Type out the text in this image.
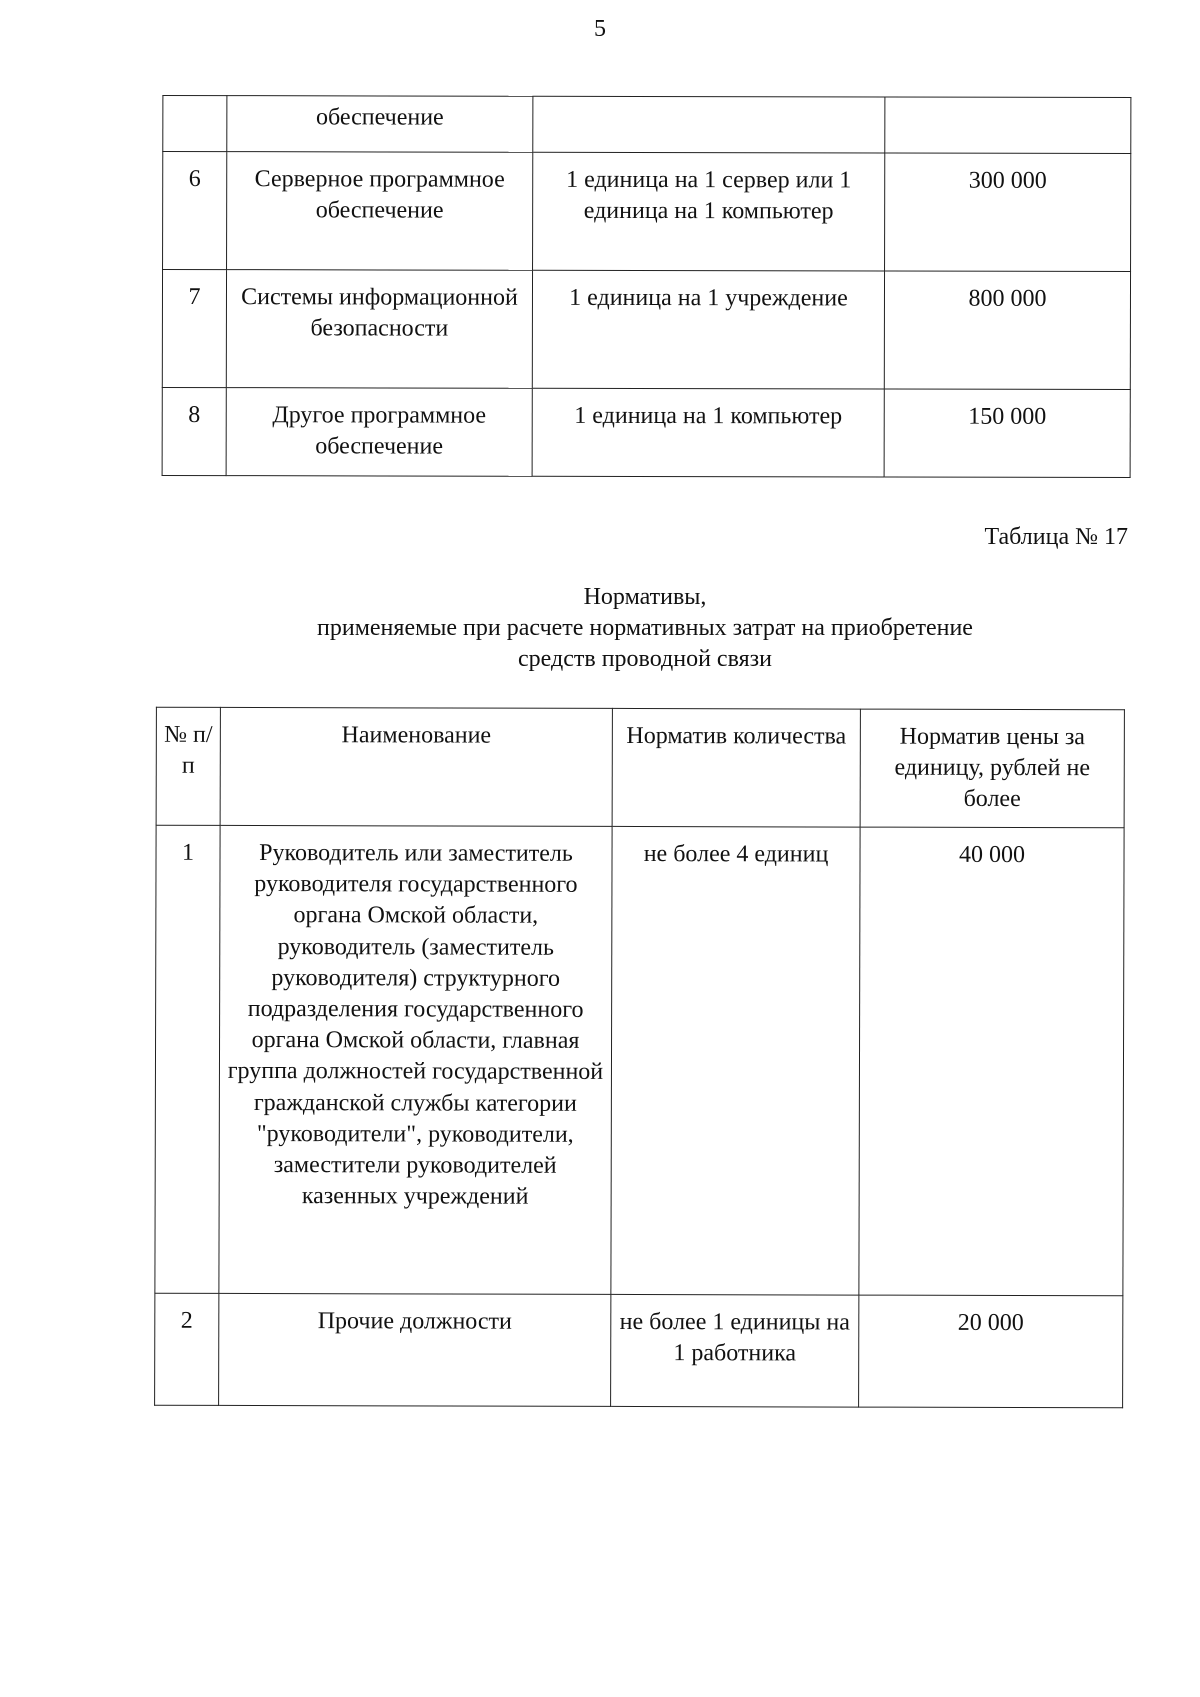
5
	обеспечение		
6	Серверное программное обеспечение	1 единица на 1 сервер или 1 единица на 1 компьютер	300 000
7	Системы информационной безопасности	1 единица на 1 учреждение	800 000
8	Другое программное обеспечение	1 единица на 1 компьютер	150 000
Таблица № 17
Нормативы,
применяемые при расчете нормативных затрат на приобретение
средств проводной связи
№ п/п	Наименование	Норматив количества	Норматив цены за единицу, рублей не более
1	Руководитель или заместитель руководителя государственного органа Омской области, руководитель (заместитель руководителя) структурного подразделения государственного органа Омской области, главная группа должностей государственной гражданской службы категории "руководители", руководители, заместители руководителей казенных учреждений	не более 4 единиц	40 000
2	Прочие должности	не более 1 единицы на 1 работника	20 000
